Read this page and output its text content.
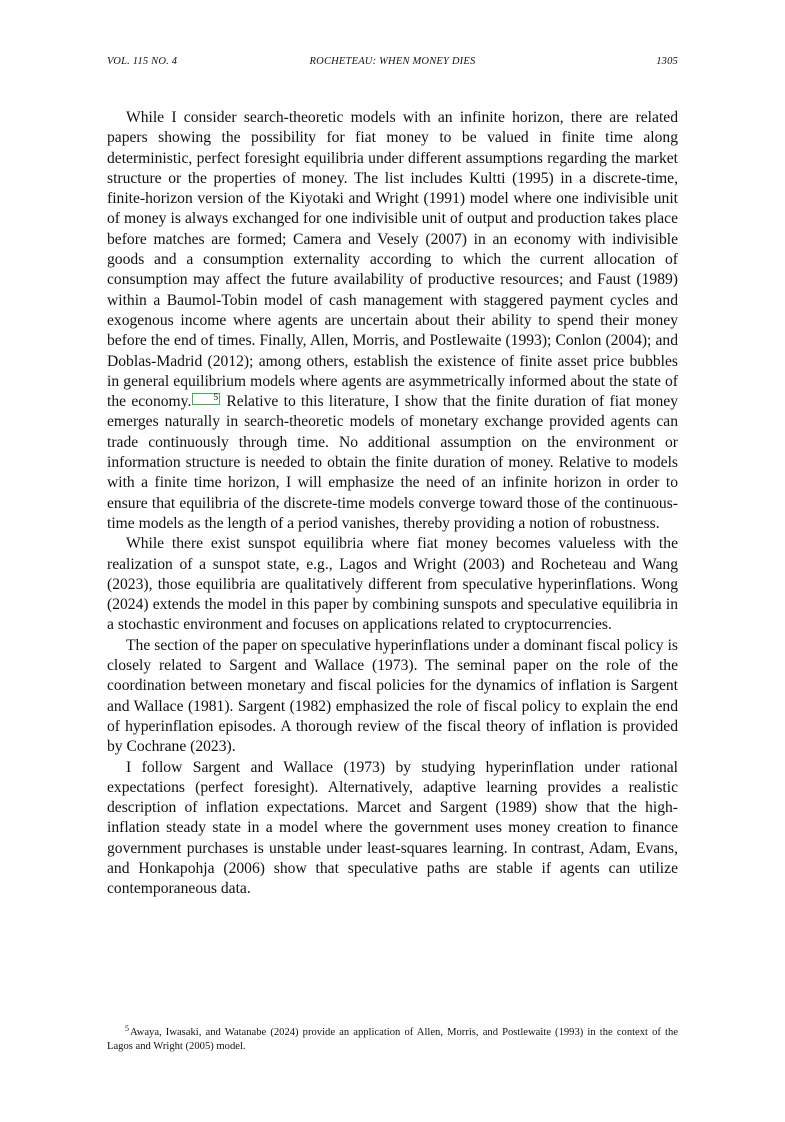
VOL. 115 NO. 4	ROCHETEAU: WHEN MONEY DIES	1305

While I consider search-theoretic models with an infinite horizon, there are related papers showing the possibility for fiat money to be valued in finite time along deterministic, perfect foresight equilibria under different assumptions regarding the market structure or the properties of money. The list includes Kultti (1995) in a discrete-time, finite-horizon version of the Kiyotaki and Wright (1991) model where one indivisible unit of money is always exchanged for one indivisible unit of output and production takes place before matches are formed; Camera and Vesely (2007) in an economy with indivisible goods and a consumption externality according to which the current allocation of consumption may affect the future availability of productive resources; and Faust (1989) within a Baumol-Tobin model of cash management with staggered payment cycles and exogenous income where agents are uncertain about their ability to spend their money before the end of times. Finally, Allen, Morris, and Postlewaite (1993); Conlon (2004); and Doblas-Madrid (2012); among others, establish the existence of finite asset price bubbles in general equilibrium models where agents are asymmetrically informed about the state of the economy. 5 Relative to this literature, I show that the finite duration of fiat money emerges naturally in search-theoretic models of monetary exchange provided agents can trade continuously through time. No additional assumption on the environment or information structure is needed to obtain the finite duration of money. Relative to models with a finite time horizon, I will emphasize the need of an infinite horizon in order to ensure that equilibria of the discrete-time models converge toward those of the continuous-time models as the length of a period vanishes, thereby providing a notion of robustness.

While there exist sunspot equilibria where fiat money becomes valueless with the realization of a sunspot state, e.g., Lagos and Wright (2003) and Rocheteau and Wang (2023), those equilibria are qualitatively different from speculative hyperinflations. Wong (2024) extends the model in this paper by combining sunspots and speculative equilibria in a stochastic environment and focuses on applications related to cryptocurrencies.

The section of the paper on speculative hyperinflations under a dominant fiscal policy is closely related to Sargent and Wallace (1973). The seminal paper on the role of the coordination between monetary and fiscal policies for the dynamics of inflation is Sargent and Wallace (1981). Sargent (1982) emphasized the role of fiscal policy to explain the end of hyperinflation episodes. A thorough review of the fiscal theory of inflation is provided by Cochrane (2023).

I follow Sargent and Wallace (1973) by studying hyperinflation under rational expectations (perfect foresight). Alternatively, adaptive learning provides a realistic description of inflation expectations. Marcet and Sargent (1989) show that the high-inflation steady state in a model where the government uses money creation to finance government purchases is unstable under least-squares learning. In contrast, Adam, Evans, and Honkapohja (2006) show that speculative paths are stable if agents can utilize contemporaneous data.

$^5$Awaya, Iwasaki, and Watanabe (2024) provide an application of Allen, Morris, and Postlewaite (1993) in the context of the Lagos and Wright (2005) model.
